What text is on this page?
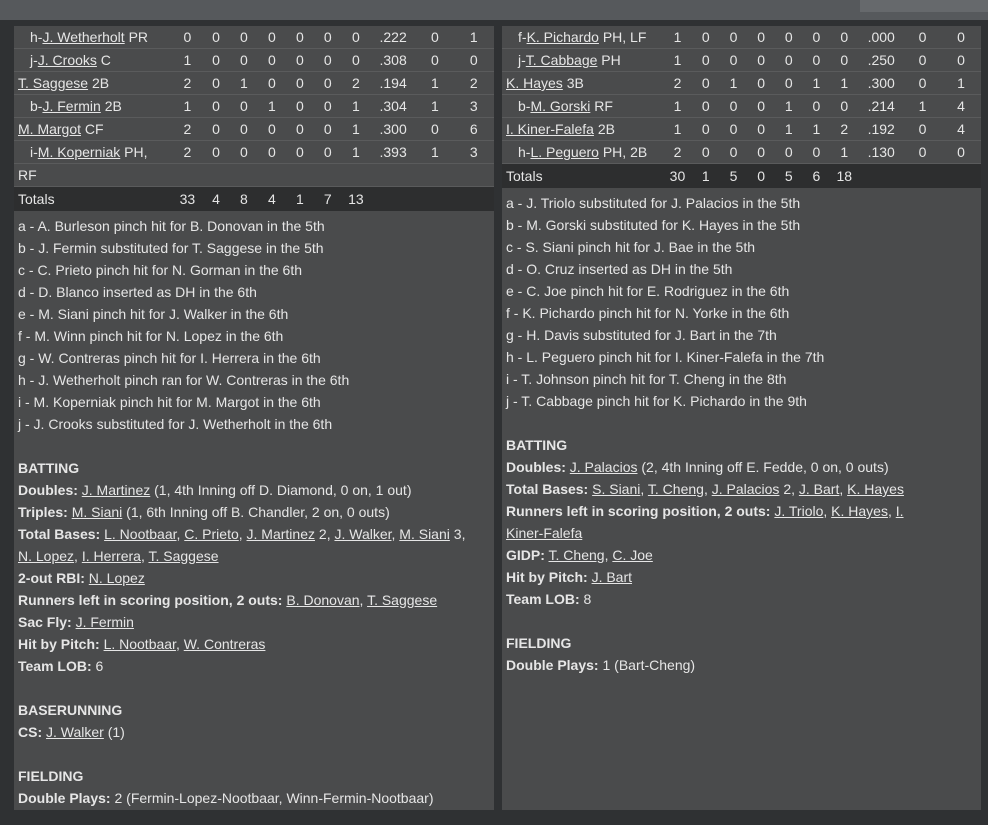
h-J. Wetherholt PR	0	0	0	0	0	0	0	.222	0	1
j-J. Crooks C	1	0	0	0	0	0	0	.308	0	0
T. Saggese 2B	2	0	1	0	0	0	2	.194	1	2
b-J. Fermin 2B	1	0	0	1	0	0	1	.304	1	3
M. Margot CF	2	0	0	0	0	0	1	.300	0	6
i-M. Koperniak PH,	2	0	0	0	0	0	1	.393	1	3
RF										
Totals	33	4	8	4	1	7	13			
a - A. Burleson pinch hit for B. Donovan in the 5th
b - J. Fermin substituted for T. Saggese in the 5th
c - C. Prieto pinch hit for N. Gorman in the 6th
d - D. Blanco inserted as DH in the 6th
e - M. Siani pinch hit for J. Walker in the 6th
f - M. Winn pinch hit for N. Lopez in the 6th
g - W. Contreras pinch hit for I. Herrera in the 6th
h - J. Wetherholt pinch ran for W. Contreras in the 6th
i - M. Koperniak pinch hit for M. Margot in the 6th
j - J. Crooks substituted for J. Wetherholt in the 6th
BATTING
Doubles: J. Martinez (1, 4th Inning off D. Diamond, 0 on, 1 out)
Triples: M. Siani (1, 6th Inning off B. Chandler, 2 on, 0 outs)
Total Bases: L. Nootbaar, C. Prieto, J. Martinez 2, J. Walker, M. Siani 3,
N. Lopez, I. Herrera, T. Saggese
2-out RBI: N. Lopez
Runners left in scoring position, 2 outs: B. Donovan, T. Saggese
Sac Fly: J. Fermin
Hit by Pitch: L. Nootbaar, W. Contreras
Team LOB: 6
BASERUNNING
CS: J. Walker (1)
FIELDING
Double Plays: 2 (Fermin-Lopez-Nootbaar, Winn-Fermin-Nootbaar)
f-K. Pichardo PH, LF	1	0	0	0	0	0	0	.000	0	0
j-T. Cabbage PH	1	0	0	0	0	0	0	.250	0	0
K. Hayes 3B	2	0	1	0	0	1	1	.300	0	1
b-M. Gorski RF	1	0	0	0	1	0	0	.214	1	4
I. Kiner-Falefa 2B	1	0	0	0	1	1	2	.192	0	4
h-L. Peguero PH, 2B	2	0	0	0	0	0	1	.130	0	0
Totals	30	1	5	0	5	6	18			
a - J. Triolo substituted for J. Palacios in the 5th
b - M. Gorski substituted for K. Hayes in the 5th
c - S. Siani pinch hit for J. Bae in the 5th
d - O. Cruz inserted as DH in the 5th
e - C. Joe pinch hit for E. Rodriguez in the 6th
f - K. Pichardo pinch hit for N. Yorke in the 6th
g - H. Davis substituted for J. Bart in the 7th
h - L. Peguero pinch hit for I. Kiner-Falefa in the 7th
i - T. Johnson pinch hit for T. Cheng in the 8th
j - T. Cabbage pinch hit for K. Pichardo in the 9th
BATTING
Doubles: J. Palacios (2, 4th Inning off E. Fedde, 0 on, 0 outs)
Total Bases: S. Siani, T. Cheng, J. Palacios 2, J. Bart, K. Hayes
Runners left in scoring position, 2 outs: J. Triolo, K. Hayes, I.
Kiner-Falefa
GIDP: T. Cheng, C. Joe
Hit by Pitch: J. Bart
Team LOB: 8
FIELDING
Double Plays: 1 (Bart-Cheng)
